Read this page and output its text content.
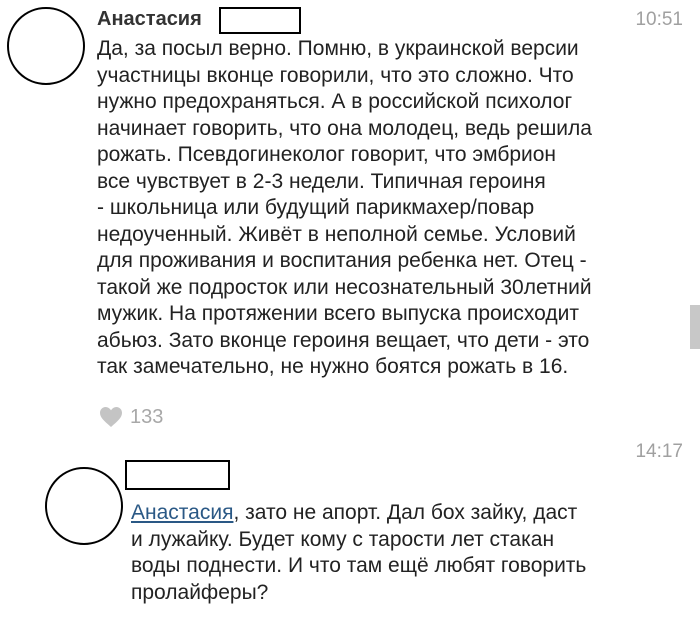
Анастасия	10:51
Да, за посыл верно. Помню, в украинской версии
участницы вконце говорили, что это сложно. Что
нужно предохраняться. А в российской психолог
начинает говорить, что она молодец, ведь решила
рожать. Псевдогинеколог говорит, что эмбрион
все чувствует в 2-3 недели. Типичная героиня
- школьница или будущий парикмахер/повар
недоученный. Живёт в неполной семье. Условий
для проживания и воспитания ребенка нет. Отец -
такой же подросток или несознательный 30летний
мужик. На протяжении всего выпуска происходит
абьюз. Зато вконце героиня вещает, что дети - это
так замечательно, не нужно боятся рожать в 16.
133
14:17
Анастасия, зато не апорт. Дал бох зайку, даст
и лужайку. Будет кому с тарости лет стакан
воды поднести. И что там ещё любят говорить
пролайферы?
